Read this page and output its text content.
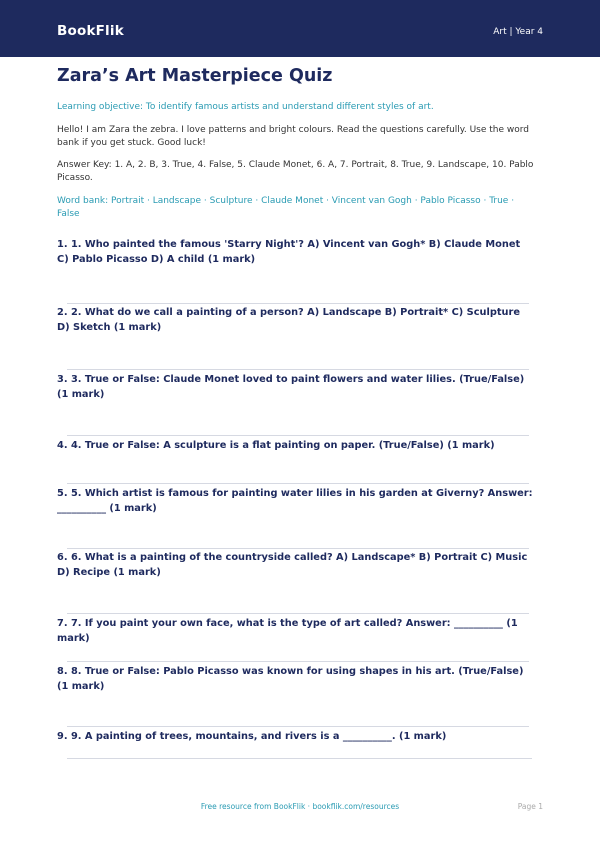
BookFlik	Art | Year 4
Zara’s Art Masterpiece Quiz
Learning objective: To identify famous artists and understand different styles of art.
Hello! I am Zara the zebra. I love patterns and bright colours. Read the questions carefully. Use the word bank if you get stuck. Good luck!
Answer Key: 1. A, 2. B, 3. True, 4. False, 5. Claude Monet, 6. A, 7. Portrait, 8. True, 9. Landscape, 10. Pablo Picasso.
Word bank: Portrait · Landscape · Sculpture · Claude Monet · Vincent van Gogh · Pablo Picasso · True · False
1. 1. Who painted the famous 'Starry Night'? A) Vincent van Gogh* B) Claude Monet C) Pablo Picasso D) A child (1 mark)
2. 2. What do we call a painting of a person? A) Landscape B) Portrait* C) Sculpture D) Sketch (1 mark)
3. 3. True or False: Claude Monet loved to paint flowers and water lilies. (True/False) (1 mark)
4. 4. True or False: A sculpture is a flat painting on paper. (True/False) (1 mark)
5. 5. Which artist is famous for painting water lilies in his garden at Giverny? Answer: __________ (1 mark)
6. 6. What is a painting of the countryside called? A) Landscape* B) Portrait C) Music D) Recipe (1 mark)
7. 7. If you paint your own face, what is the type of art called? Answer: __________ (1 mark)
8. 8. True or False: Pablo Picasso was known for using shapes in his art. (True/False) (1 mark)
9. 9. A painting of trees, mountains, and rivers is a __________. (1 mark)
Free resource from BookFlik · bookflik.com/resources	Page 1
